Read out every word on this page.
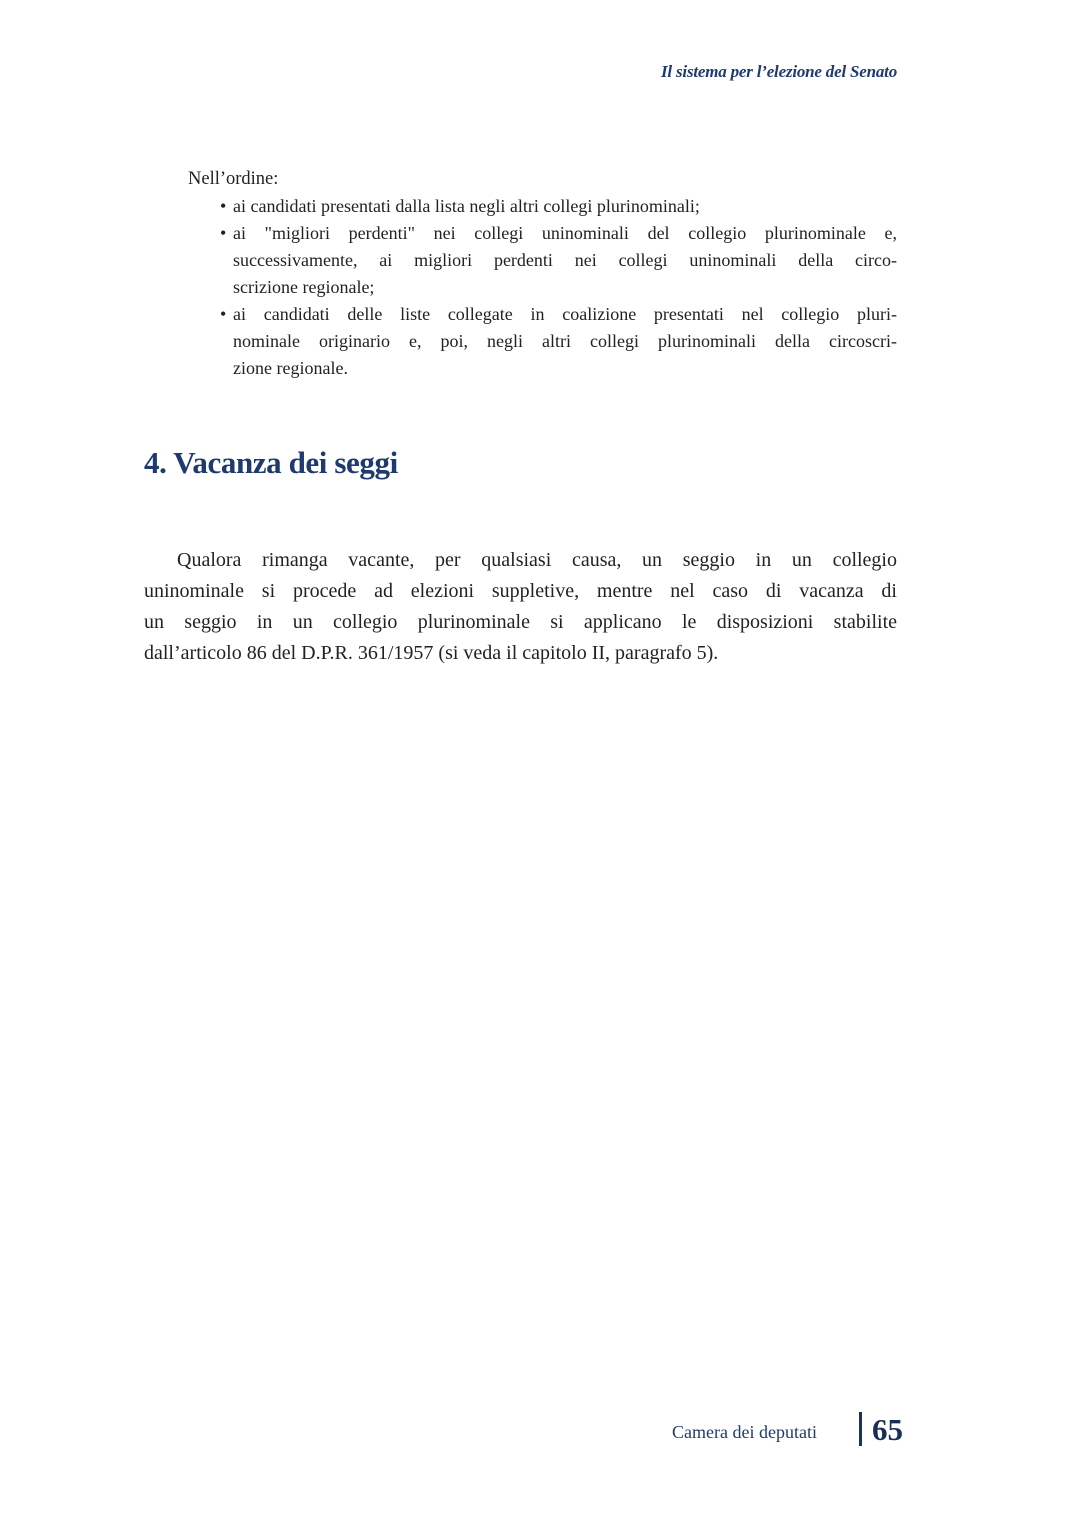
Il sistema per l’elezione del Senato
Nell’ordine:
• ai candidati presentati dalla lista negli altri collegi plurinominali;
• ai "migliori perdenti" nei collegi uninominali del collegio plurinominale e,
successivamente, ai migliori perdenti nei collegi uninominali della circo-
scrizione regionale;
• ai candidati delle liste collegate in coalizione presentati nel collegio pluri-
nominale originario e, poi, negli altri collegi plurinominali della circoscri-
zione regionale.
4. Vacanza dei seggi
Qualora rimanga vacante, per qualsiasi causa, un seggio in un collegio
uninominale si procede ad elezioni suppletive, mentre nel caso di vacanza di
un seggio in un collegio plurinominale si applicano le disposizioni stabilite
dall’articolo 86 del D.P.R. 361/1957 (si veda il capitolo II, paragrafo 5).
Camera dei deputati 65
